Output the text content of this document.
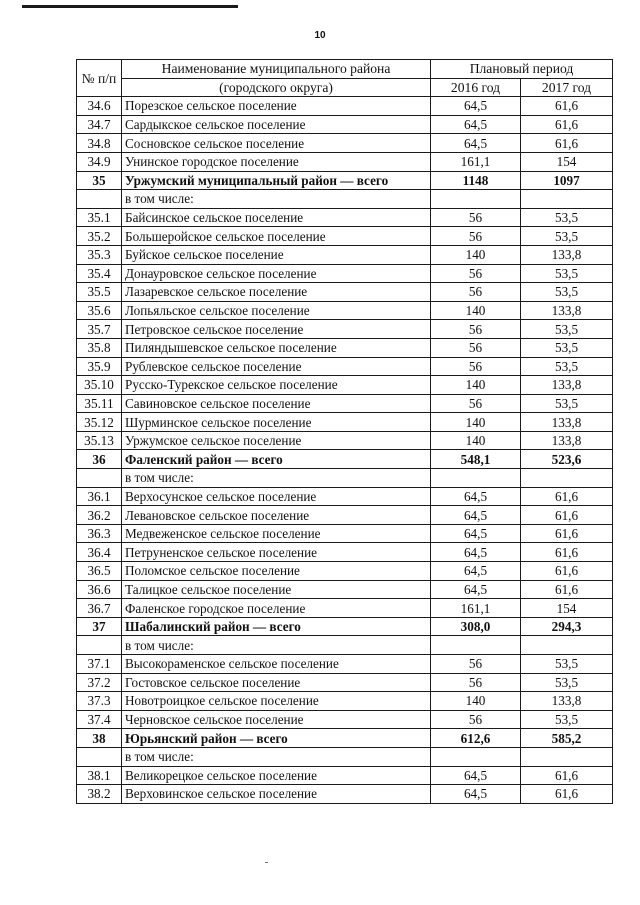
10
№ п/п	Наименование муниципального района	Плановый период	
	(городского округа)	2016 год	2017 год
34.6	Порезское сельское поселение	64,5	61,6
34.7	Сардыкское сельское поселение	64,5	61,6
34.8	Сосновское сельское поселение	64,5	61,6
34.9	Унинское городское поселение	161,1	154
35	Уржумский муниципальный район — всего	1148	1097
	в том числе:		
35.1	Байсинское сельское поселение	56	53,5
35.2	Большеройское сельское поселение	56	53,5
35.3	Буйское сельское поселение	140	133,8
35.4	Донауровское сельское поселение	56	53,5
35.5	Лазаревское сельское поселение	56	53,5
35.6	Лопьяльское сельское поселение	140	133,8
35.7	Петровское сельское поселение	56	53,5
35.8	Пиляндышевское сельское поселение	56	53,5
35.9	Рублевское сельское поселение	56	53,5
35.10	Русско-Турекское сельское поселение	140	133,8
35.11	Савиновское сельское поселение	56	53,5
35.12	Шурминское сельское поселение	140	133,8
35.13	Уржумское сельское поселение	140	133,8
36	Фаленский район — всего	548,1	523,6
	в том числе:		
36.1	Верхосунское сельское поселение	64,5	61,6
36.2	Левановское сельское поселение	64,5	61,6
36.3	Медвеженское сельское поселение	64,5	61,6
36.4	Петруненское сельское поселение	64,5	61,6
36.5	Поломское сельское поселение	64,5	61,6
36.6	Талицкое сельское поселение	64,5	61,6
36.7	Фаленское городское поселение	161,1	154
37	Шабалинский район — всего	308,0	294,3
	в том числе:		
37.1	Высокораменское сельское поселение	56	53,5
37.2	Гостовское сельское поселение	56	53,5
37.3	Новотроицкое сельское поселение	140	133,8
37.4	Черновское сельское поселение	56	53,5
38	Юрьянский район — всего	612,6	585,2
	в том числе:		
38.1	Великорецкое сельское поселение	64,5	61,6
38.2	Верховинское сельское поселение	64,5	61,6
